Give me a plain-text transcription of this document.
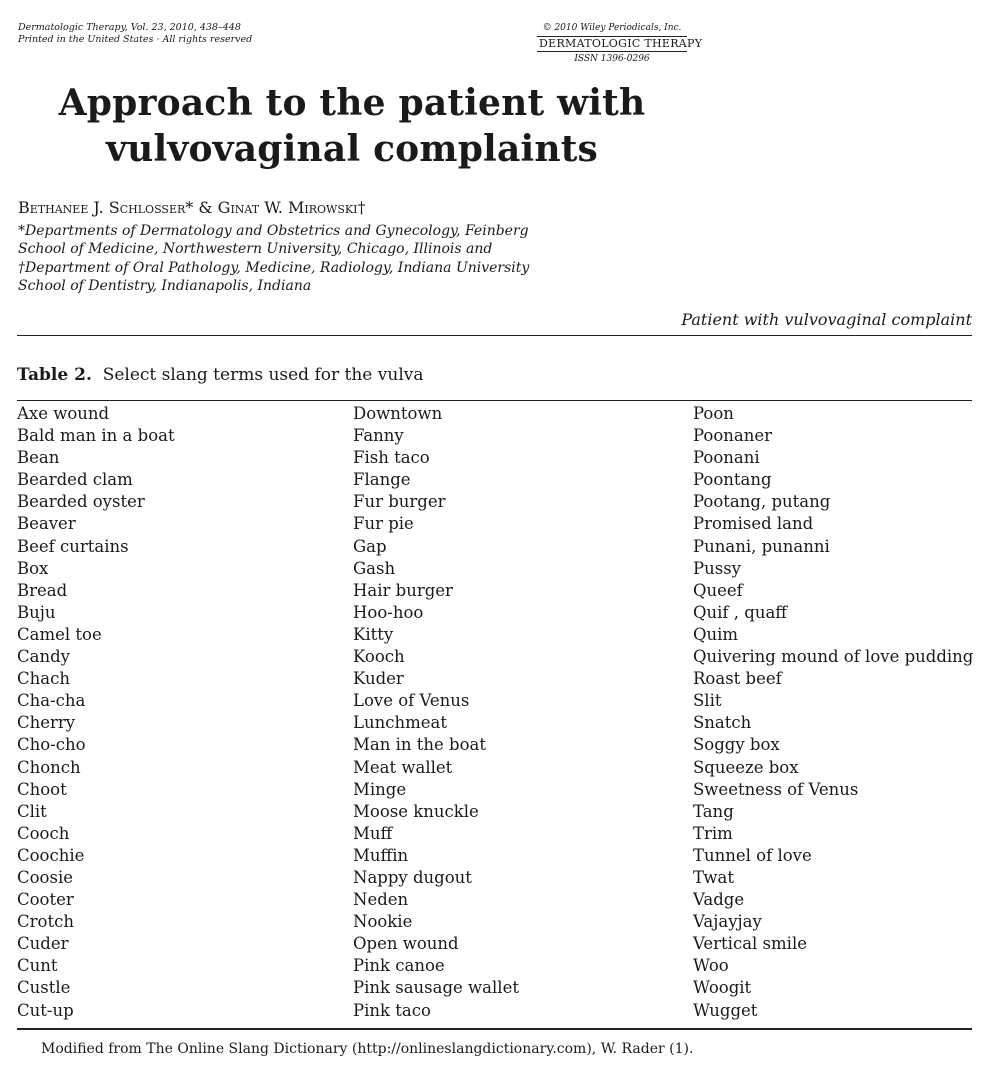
Dermatologic Therapy, Vol. 23, 2010, 438–448
Printed in the United States · All rights reserved
© 2010 Wiley Periodicals, Inc.
DERMATOLOGIC THERAPY
ISSN 1396-0296
Approach to the patient with
vulvovaginal complaints
Bethanee J. Schlosser* & Ginat W. Mirowski†
*Departments of Dermatology and Obstetrics and Gynecology, Feinberg
School of Medicine, Northwestern University, Chicago, Illinois and
†Department of Oral Pathology, Medicine, Radiology, Indiana University
School of Dentistry, Indianapolis, Indiana
Patient with vulvovaginal complaint
Table 2. Select slang terms used for the vulva
Axe wound
Bald man in a boat
Bean
Bearded clam
Bearded oyster
Beaver
Beef curtains
Box
Bread
Buju
Camel toe
Candy
Chach
Cha-cha
Cherry
Cho-cho
Chonch
Choot
Clit
Cooch
Coochie
Coosie
Cooter
Crotch
Cuder
Cunt
Custle
Cut-up
Downtown
Fanny
Fish taco
Flange
Fur burger
Fur pie
Gap
Gash
Hair burger
Hoo-hoo
Kitty
Kooch
Kuder
Love of Venus
Lunchmeat
Man in the boat
Meat wallet
Minge
Moose knuckle
Muff
Muffin
Nappy dugout
Neden
Nookie
Open wound
Pink canoe
Pink sausage wallet
Pink taco
Poon
Poonaner
Poonani
Poontang
Pootang, putang
Promised land
Punani, punanni
Pussy
Queef
Quif , quaff
Quim
Quivering mound of love pudding
Roast beef
Slit
Snatch
Soggy box
Squeeze box
Sweetness of Venus
Tang
Trim
Tunnel of love
Twat
Vadge
Vajayjay
Vertical smile
Woo
Woogit
Wugget
Modified from The Online Slang Dictionary (http://onlineslangdictionary.com), W. Rader (1).
